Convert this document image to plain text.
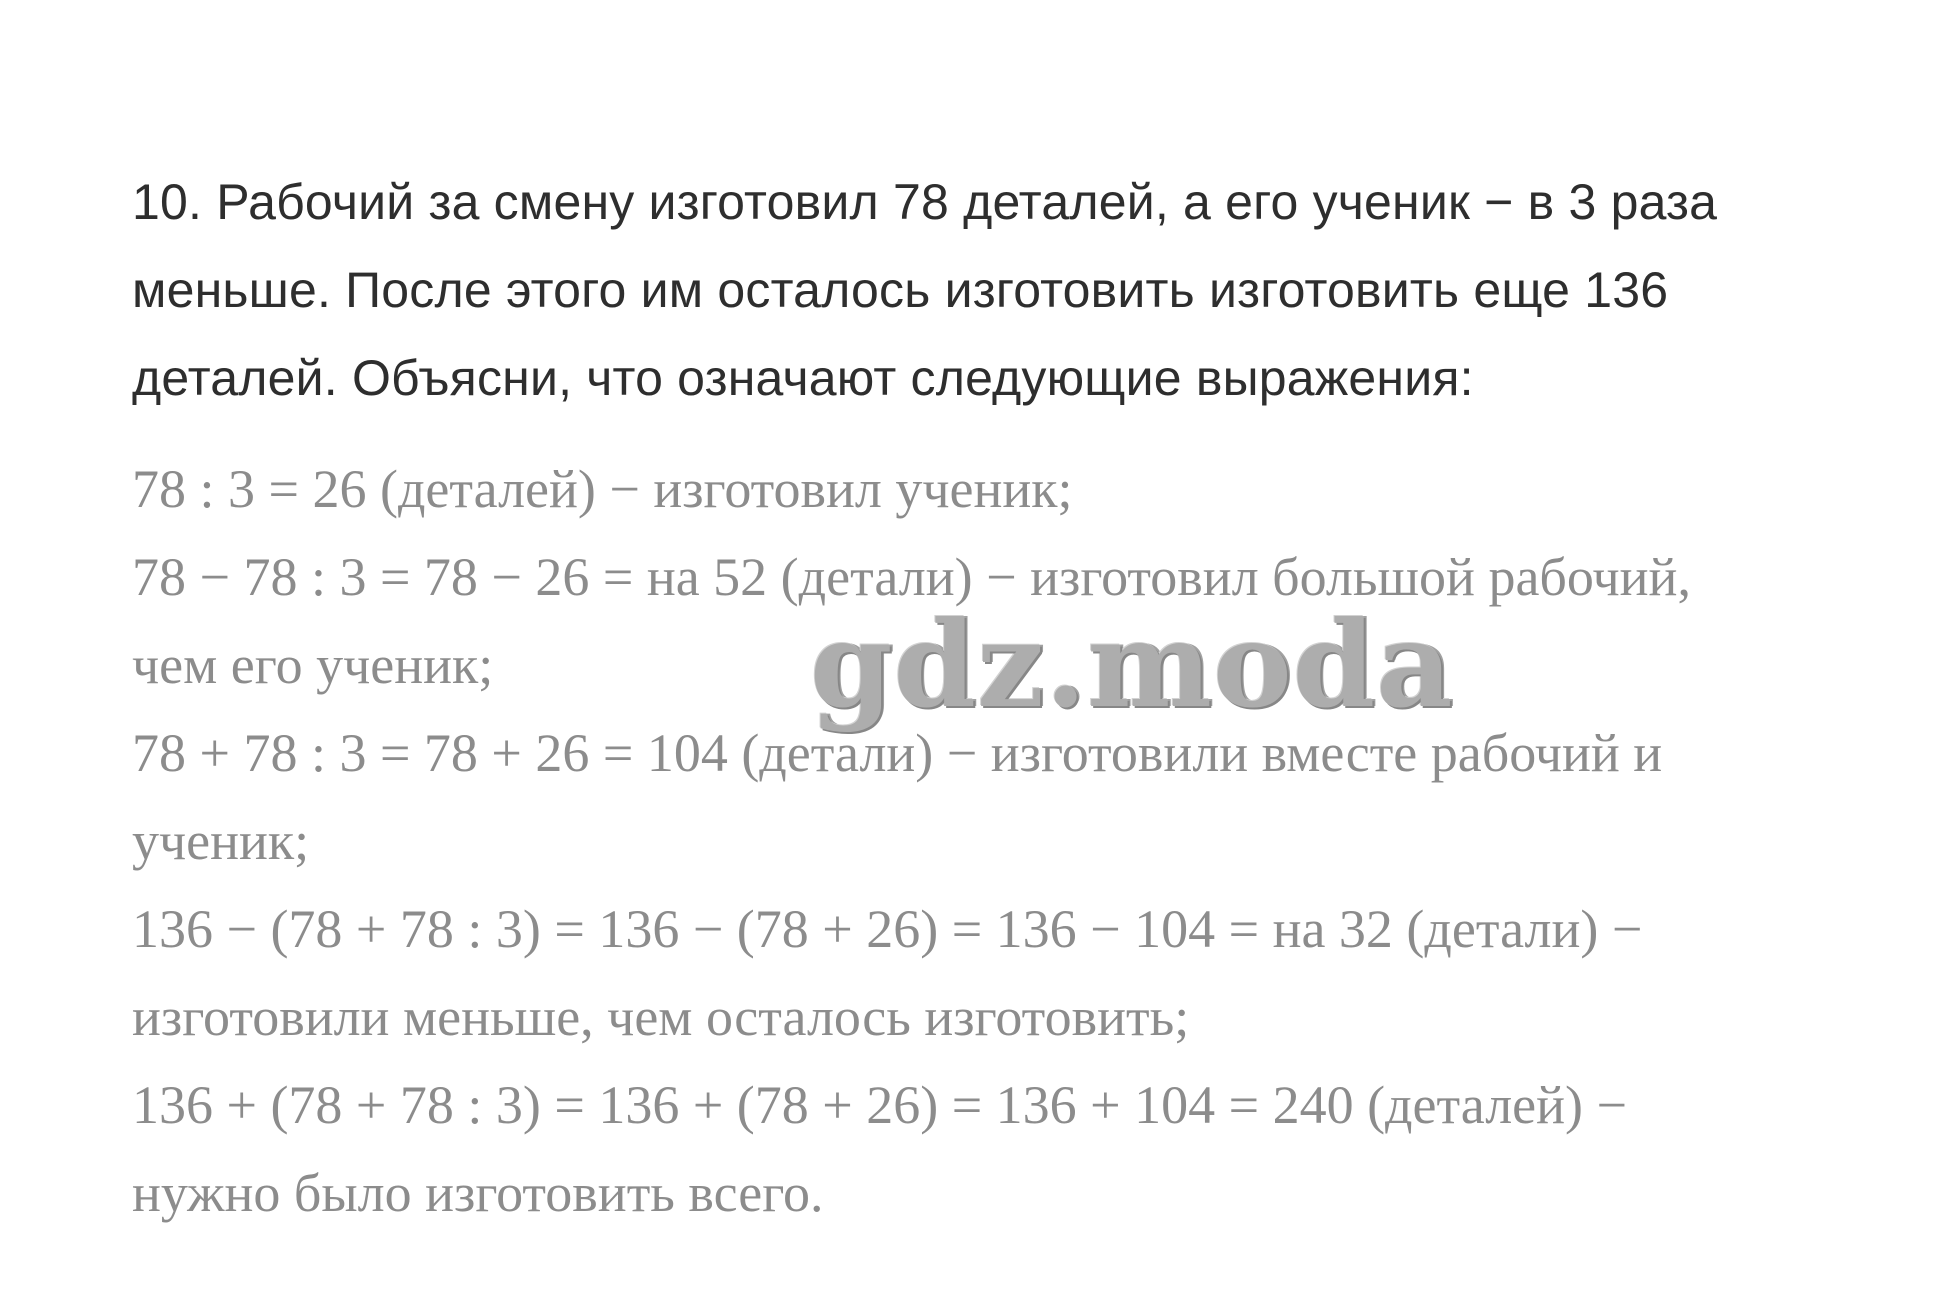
10. Рабочий за смену изготовил 78 деталей, а его ученик − в 3 раза
меньше. После этого им осталось изготовить изготовить еще 136
деталей. Объясни, что означают следующие выражения:
78 : 3 = 26 (деталей) − изготовил ученик;
78 − 78 : 3 = 78 − 26 = на 52 (детали) − изготовил большой рабочий,
чем его ученик;
78 + 78 : 3 = 78 + 26 = 104 (детали) − изготовили вместе рабочий и
ученик;
136 − (78 + 78 : 3) = 136 − (78 + 26) = 136 − 104 = на 32 (детали) −
изготовили меньше, чем осталось изготовить;
136 + (78 + 78 : 3) = 136 + (78 + 26) = 136 + 104 = 240 (деталей) −
нужно было изготовить всего.
gdz.moda
